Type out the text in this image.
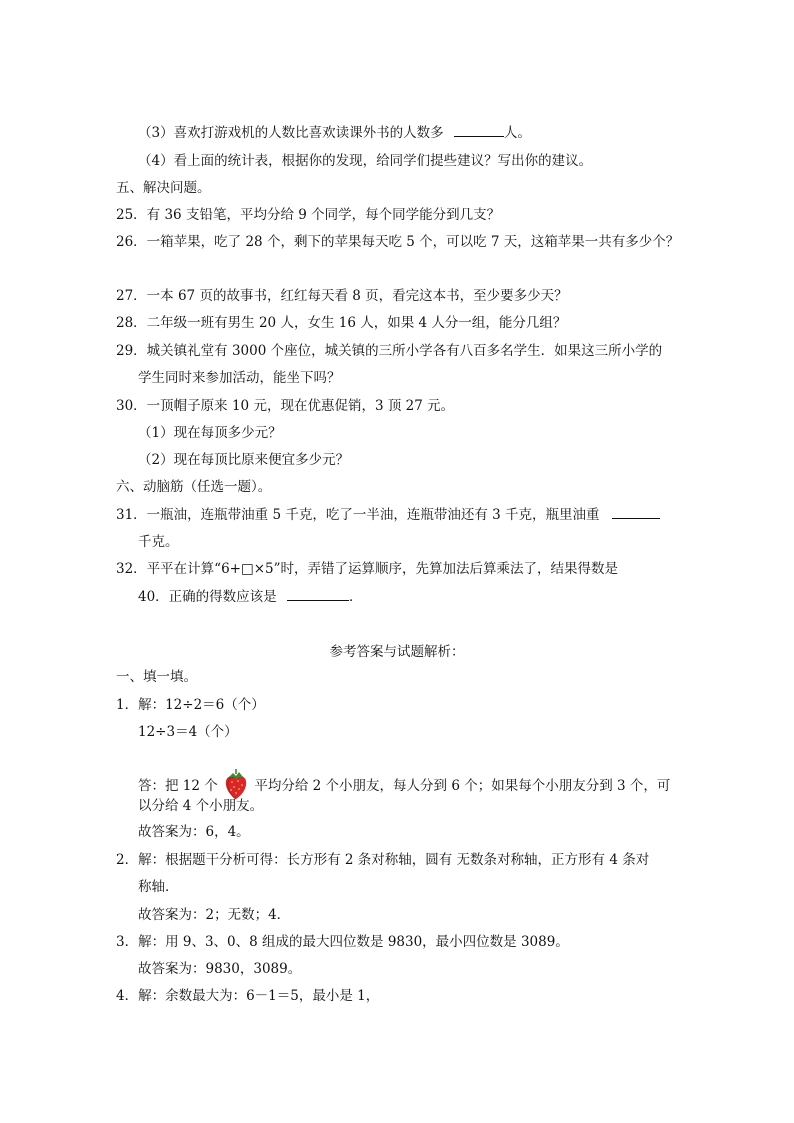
（3）喜欢打游戏机的人数比喜欢读课外书的人数多	人。
（4）看上面的统计表，根据你的发现，给同学们提些建议？写出你的建议。
五、解决问题。
25．有 36 支铅笔，平均分给 9 个同学，每个同学能分到几支？
26．一箱苹果，吃了 28 个，剩下的苹果每天吃 5 个，可以吃 7 天，这箱苹果一共有多少个？
27．一本 67 页的故事书，红红每天看 8 页，看完这本书，至少要多少天？
28．二年级一班有男生 20 人，女生 16 人，如果 4 人分一组，能分几组？
29．城关镇礼堂有 3000 个座位，城关镇的三所小学各有八百多名学生．如果这三所小学的
学生同时来参加活动，能坐下吗？
30．一顶帽子原来 10 元，现在优惠促销，3 顶 27 元。
（1）现在每顶多少元？
（2）现在每顶比原来便宜多少元？
六、动脑筋（任选一题）。
31．一瓶油，连瓶带油重 5 千克，吃了一半油，连瓶带油还有 3 千克，瓶里油重
千克。
32．平平在计算“6+□×5”时，弄错了运算顺序，先算加法后算乘法了，结果得数是
40．正确的得数应该是	．
参考答案与试题解析：
一、填一填。
1．解：12÷2＝6（个）
12÷3＝4（个）
答：把 12 个	平均分给 2 个小朋友，每人分到 6 个；如果每个小朋友分到 3 个，可
以分给 4 个小朋友。
故答案为：6，4。
2．解：根据题干分析可得：长方形有 2 条对称轴，圆有 无数条对称轴，正方形有 4 条对
称轴．
故答案为：2；无数；4．
3．解：用 9、3、0、8 组成的最大四位数是 9830，最小四位数是 3089。
故答案为：9830，3089。
4．解：余数最大为：6－1＝5，最小是 1，
